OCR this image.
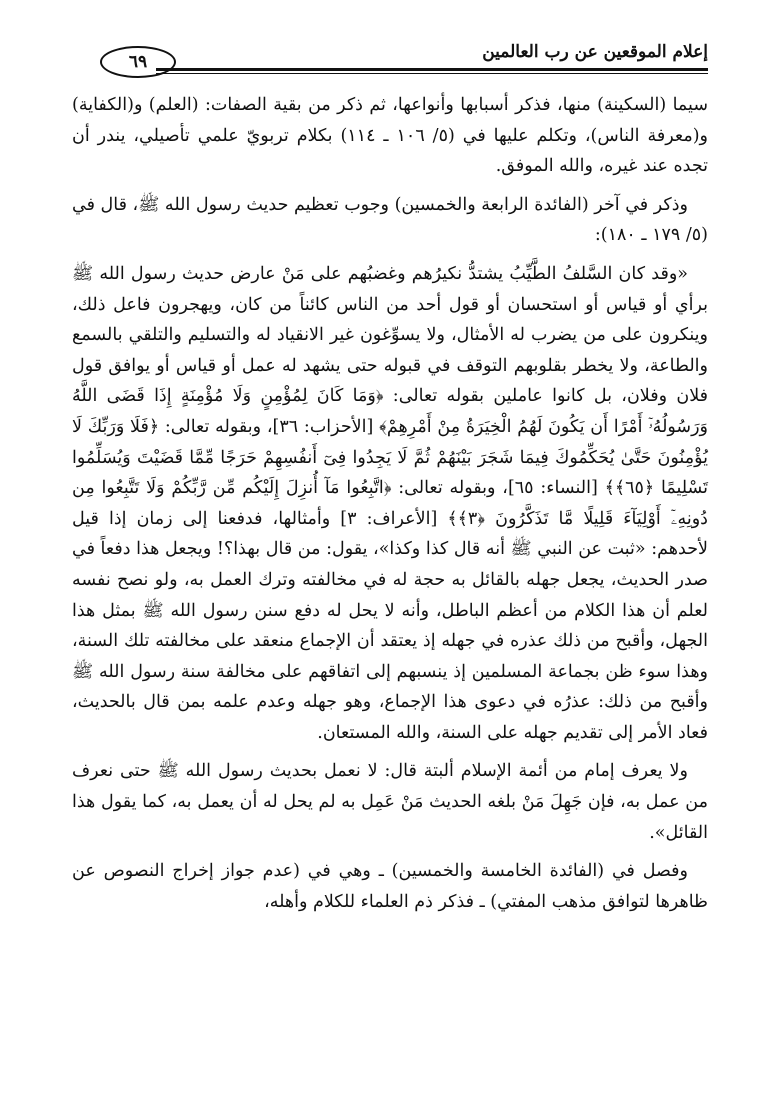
٦٩	إعلام الموقعين عن رب العالمين

سيما (السكينة) منها، فذكر أسبابها وأنواعها، ثم ذكر من بقية الصفات: (العلم) و(الكفاية) و(معرفة الناس)، وتكلم عليها في (٥/ ١٠٦ ـ ١١٤) بكلام تربويّ علمي تأصيلي، يندر أن تجده عند غيره، والله الموفق.

وذكر في آخر (الفائدة الرابعة والخمسين) وجوب تعظيم حديث رسول الله ﷺ، قال في (٥/ ١٧٩ ـ ١٨٠):

«وقد كان السَّلفُ الطَّيِّبُ يشتدُّ نكيرُهم وغضبُهم على مَنْ عارض حديث رسول الله ﷺ برأي أو قياس أو استحسان أو قول أحد من الناس كائناً من كان، ويهجرون فاعل ذلك، وينكرون على من يضرب له الأمثال، ولا يسوِّغون غير الانقياد له والتسليم والتلقي بالسمع والطاعة، ولا يخطر بقلوبهم التوقف في قبوله حتى يشهد له عمل أو قياس أو يوافق قول فلان وفلان، بل كانوا عاملين بقوله تعالى: ﴿وَمَا كَانَ لِمُؤْمِنٍ وَلَا مُؤْمِنَةٍ إِذَا قَضَى اللَّهُ وَرَسُولُهُۥٓ أَمْرًا أَن يَكُونَ لَهُمُ الْخِيَرَةُ مِنْ أَمْرِهِمْ﴾ [الأحزاب: ٣٦]، وبقوله تعالى: ﴿فَلَا وَرَبِّكَ لَا يُؤْمِنُونَ حَتَّىٰ يُحَكِّمُوكَ فِيمَا شَجَرَ بَيْنَهُمْ ثُمَّ لَا يَجِدُوا فِىٓ أَنفُسِهِمْ حَرَجًا مِّمَّا قَضَيْتَ وَيُسَلِّمُوا تَسْلِيمًا ﴿٦٥﴾﴾ [النساء: ٦٥]، وبقوله تعالى: ﴿اتَّبِعُوا مَآ أُنزِلَ إِلَيْكُم مِّن رَّبِّكُمْ وَلَا تَتَّبِعُوا مِن دُونِهِۦٓ أَوْلِيَآءَ قَلِيلًا مَّا تَذَكَّرُونَ ﴿٣﴾﴾ [الأعراف: ٣] وأمثالها، فدفعنا إلى زمان إذا قيل لأحدهم: «ثبت عن النبي ﷺ أنه قال كذا وكذا»، يقول: من قال بهذا؟! ويجعل هذا دفعاً في صدر الحديث، يجعل جهله بالقائل به حجة له في مخالفته وترك العمل به، ولو نصح نفسه لعلم أن هذا الكلام من أعظم الباطل، وأنه لا يحل له دفع سنن رسول الله ﷺ بمثل هذا الجهل، وأقبح من ذلك عذره في جهله إذ يعتقد أن الإجماع منعقد على مخالفته تلك السنة، وهذا سوء ظن بجماعة المسلمين إذ ينسبهم إلى اتفاقهم على مخالفة سنة رسول الله ﷺ وأقبح من ذلك: عذرُه في دعوى هذا الإجماع، وهو جهله وعدم علمه بمن قال بالحديث، فعاد الأمر إلى تقديم جهله على السنة، والله المستعان.

ولا يعرف إمام من أئمة الإسلام ألبتة قال: لا نعمل بحديث رسول الله ﷺ حتى نعرف من عمل به، فإن جَهِلَ مَنْ بلغه الحديث مَنْ عَمِل به لم يحل له أن يعمل به، كما يقول هذا القائل».

وفصل في (الفائدة الخامسة والخمسين) ـ وهي في (عدم جواز إخراج النصوص عن ظاهرها لتوافق مذهب المفتي) ـ فذكر ذم العلماء للكلام وأهله،
